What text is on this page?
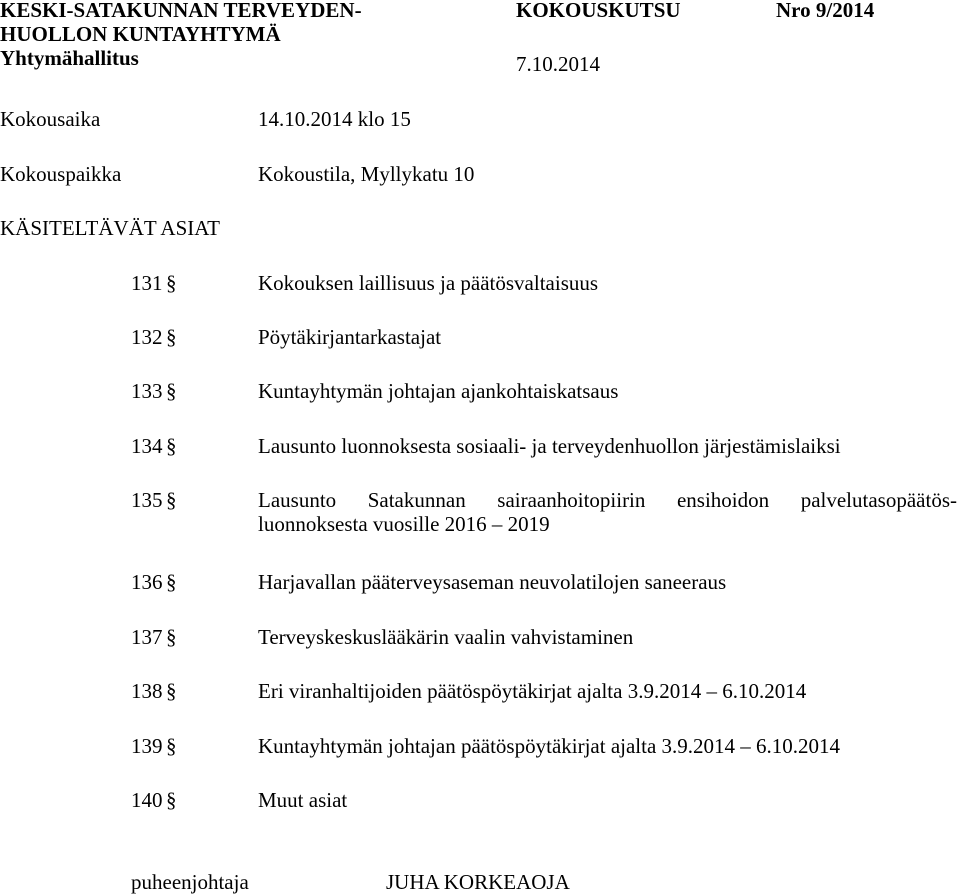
KESKI-SATAKUNNAN TERVEYDEN-
HUOLLON KUNTAYHTYMÄ
Yhtymähallitus
KOKOUSKUTSU	Nro 9/2014
7.10.2014
Kokousaika	14.10.2014 klo 15
Kokouspaikka	Kokoustila, Myllykatu 10
KÄSITELTÄVÄT ASIAT
131 §	Kokouksen laillisuus ja päätösvaltaisuus
132 §	Pöytäkirjantarkastajat
133 §	Kuntayhtymän johtajan ajankohtaiskatsaus
134 §	Lausunto luonnoksesta sosiaali- ja terveydenhuollon järjestämislaiksi
135 §	Lausunto Satakunnan sairaanhoitopiirin ensihoidon palvelutasopäätös-
luonnoksesta vuosille 2016 – 2019
136 §	Harjavallan pääterveysaseman neuvolatilojen saneeraus
137 §	Terveyskeskuslääkärin vaalin vahvistaminen
138 §	Eri viranhaltijoiden päätöspöytäkirjat ajalta 3.9.2014 – 6.10.2014
139 §	Kuntayhtymän johtajan päätöspöytäkirjat ajalta 3.9.2014 – 6.10.2014
140 §	Muut asiat
puheenjohtaja	JUHA KORKEAOJA
